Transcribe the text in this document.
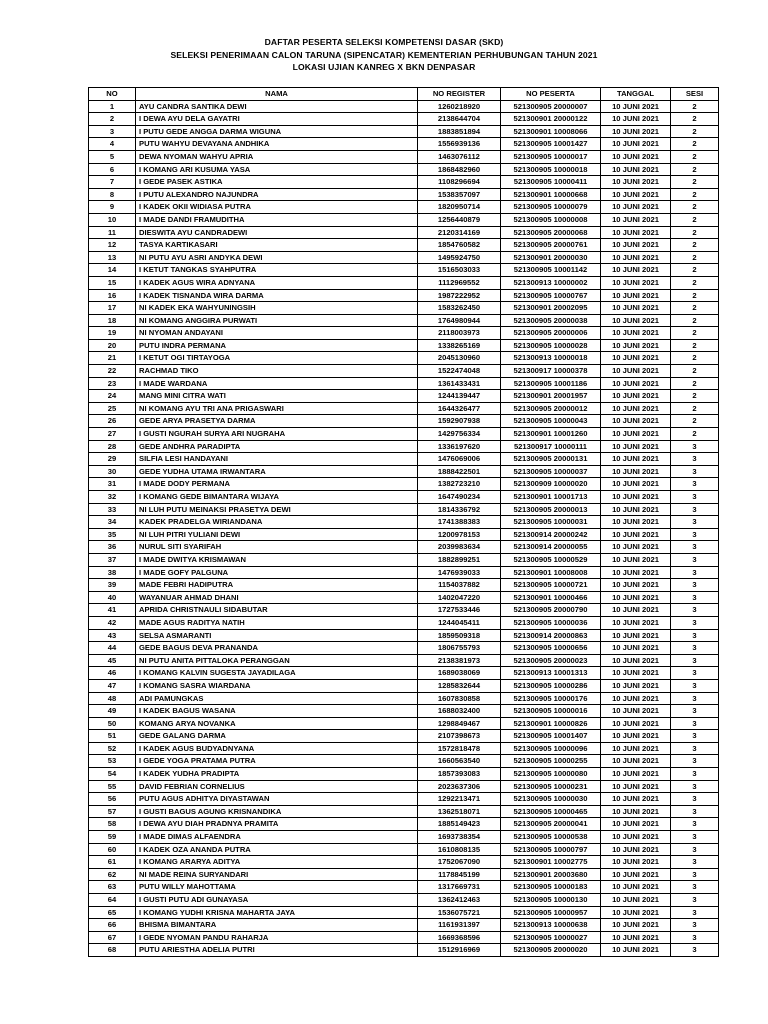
DAFTAR PESERTA SELEKSI KOMPETENSI DASAR (SKD)
SELEKSI PENERIMAAN CALON TARUNA (SIPENCATAR) KEMENTERIAN PERHUBUNGAN TAHUN 2021
LOKASI UJIAN KANREG X BKN DENPASAR
NO	NAMA	NO REGISTER	NO PESERTA	TANGGAL	SESI
1	AYU CANDRA SANTIKA DEWI	1260218920	521300905 20000007	10 JUNI 2021	2
2	I DEWA AYU DELA GAYATRI	2138644704	521300901 20000122	10 JUNI 2021	2
3	I PUTU GEDE ANGGA DARMA WIGUNA	1883851894	521300901 10008066	10 JUNI 2021	2
4	PUTU WAHYU DEVAYANA ANDHIKA	1556939136	521300905 10001427	10 JUNI 2021	2
5	DEWA NYOMAN WAHYU APRIA	1463076112	521300905 10000017	10 JUNI 2021	2
6	I KOMANG ARI KUSUMA YASA	1868482960	521300905 10000018	10 JUNI 2021	2
7	I GEDE PASEK ASTIKA	1108296694	521300905 10000411	10 JUNI 2021	2
8	I PUTU ALEXANDRO NAJUNDRA	1538357097	521300901 10000668	10 JUNI 2021	2
9	I KADEK OKII WIDIASA PUTRA	1820950714	521300905 10000079	10 JUNI 2021	2
10	I MADE DANDI FRAMUDITHA	1256440879	521300905 10000008	10 JUNI 2021	2
11	DIESWITA AYU CANDRADEWI	2120314169	521300905 20000068	10 JUNI 2021	2
12	TASYA KARTIKASARI	1854760582	521300905 20000761	10 JUNI 2021	2
13	NI PUTU AYU ASRI ANDYKA DEWI	1495924750	521300901 20000030	10 JUNI 2021	2
14	I KETUT TANGKAS SYAHPUTRA	1516503033	521300905 10001142	10 JUNI 2021	2
15	I KADEK AGUS WIRA ADNYANA	1112969552	521300913 10000002	10 JUNI 2021	2
16	I KADEK TISNANDA WIRA DARMA	1987222952	521300905 10000767	10 JUNI 2021	2
17	NI KADEK EKA WAHYUNINGSIH	1583262450	521300901 20002095	10 JUNI 2021	2
18	NI KOMANG ANGGIRA PURWATI	1764980944	521300905 20000038	10 JUNI 2021	2
19	NI NYOMAN ANDAYANI	2118003973	521300905 20000006	10 JUNI 2021	2
20	PUTU INDRA PERMANA	1338265169	521300905 10000028	10 JUNI 2021	2
21	I KETUT OGI TIRTAYOGA	2045130960	521300913 10000018	10 JUNI 2021	2
22	RACHMAD TIKO	1522474048	521300917 10000378	10 JUNI 2021	2
23	I MADE WARDANA	1361433431	521300905 10001186	10 JUNI 2021	2
24	MANG MINI CITRA WATI	1244139447	521300901 20001957	10 JUNI 2021	2
25	NI KOMANG AYU TRI ANA PRIGASWARI	1644326477	521300905 20000012	10 JUNI 2021	2
26	GEDE ARYA PRASETYA DARMA	1592907938	521300905 10000043	10 JUNI 2021	2
27	I GUSTI NGURAH SURYA ARI NUGRAHA	1429756334	521300901 10001260	10 JUNI 2021	2
28	GEDE ANDHRA PARADIPTA	1336197620	521300917 10000111	10 JUNI 2021	3
29	SILFIA LESI HANDAYANI	1476069006	521300905 20000131	10 JUNI 2021	3
30	GEDE YUDHA UTAMA IRWANTARA	1888422501	521300905 10000037	10 JUNI 2021	3
31	I MADE DODY PERMANA	1382723210	521300909 10000020	10 JUNI 2021	3
32	I KOMANG GEDE BIMANTARA WIJAYA	1647490234	521300901 10001713	10 JUNI 2021	3
33	NI LUH PUTU MEINAKSI PRASETYA DEWI	1814336792	521300905 20000013	10 JUNI 2021	3
34	KADEK PRADELGA WIRIANDANA	1741388383	521300905 10000031	10 JUNI 2021	3
35	NI LUH PITRI YULIANI DEWI	1200978153	521300914 20000242	10 JUNI 2021	3
36	NURUL SITI SYARIFAH	2039983634	521300914 20000055	10 JUNI 2021	3
37	I MADE DWITYA KRISMAWAN	1882899251	521300905 10000529	10 JUNI 2021	3
38	I MADE GOFY PALGUNA	1476939033	521300901 10008008	10 JUNI 2021	3
39	MADE FEBRI HADIPUTRA	1154037882	521300905 10000721	10 JUNI 2021	3
40	WAYANUAR AHMAD DHANI	1402047220	521300901 10000466	10 JUNI 2021	3
41	APRIDA CHRISTNAULI SIDABUTAR	1727533446	521300905 20000790	10 JUNI 2021	3
42	MADE AGUS RADITYA NATIH	1244045411	521300905 10000036	10 JUNI 2021	3
43	SELSA ASMARANTI	1859509318	521300914 20000863	10 JUNI 2021	3
44	GEDE BAGUS DEVA PRANANDA	1806755793	521300905 10000656	10 JUNI 2021	3
45	NI PUTU ANITA PITTALOKA PERANGGAN	2138381973	521300905 20000023	10 JUNI 2021	3
46	I KOMANG KALVIN SUGESTA JAYADILAGA	1689038069	521300913 10001313	10 JUNI 2021	3
47	I KOMANG SASRA WIARDANA	1285832644	521300905 10000286	10 JUNI 2021	3
48	ADI PAMUNGKAS	1607830858	521300905 10000176	10 JUNI 2021	3
49	I KADEK BAGUS WASANA	1688032400	521300905 10000016	10 JUNI 2021	3
50	KOMANG ARYA NOVANKA	1298849467	521300901 10000826	10 JUNI 2021	3
51	GEDE GALANG DARMA	2107398673	521300905 10001407	10 JUNI 2021	3
52	I KADEK AGUS BUDYADNYANA	1572818478	521300905 10000096	10 JUNI 2021	3
53	I GEDE YOGA PRATAMA PUTRA	1660563540	521300905 10000255	10 JUNI 2021	3
54	I KADEK YUDHA PRADIPTA	1857393083	521300905 10000080	10 JUNI 2021	3
55	DAVID FEBRIAN CORNELIUS	2023637306	521300905 10000231	10 JUNI 2021	3
56	PUTU AGUS ADHITYA DIYASTAWAN	1292213471	521300905 10000030	10 JUNI 2021	3
57	I GUSTI BAGUS AGUNG KRISNANDIKA	1362518071	521300905 10000465	10 JUNI 2021	3
58	I DEWA AYU DIAH PRADNYA PRAMITA	1885149423	521300905 20000041	10 JUNI 2021	3
59	I MADE DIMAS ALFAENDRA	1693738354	521300905 10000538	10 JUNI 2021	3
60	I KADEK OZA ANANDA PUTRA	1610808135	521300905 10000797	10 JUNI 2021	3
61	I KOMANG ARARYA ADITYA	1752067090	521300901 10002775	10 JUNI 2021	3
62	NI MADE REINA SURYANDARI	1178845199	521300901 20003680	10 JUNI 2021	3
63	PUTU WILLY MAHOTTAMA	1317669731	521300905 10000183	10 JUNI 2021	3
64	I GUSTI PUTU ADI GUNAYASA	1362412463	521300905 10000130	10 JUNI 2021	3
65	I KOMANG YUDHI KRISNA MAHARTA JAYA	1536075721	521300905 10000957	10 JUNI 2021	3
66	BHISMA BIMANTARA	1161931397	521300913 10000638	10 JUNI 2021	3
67	I GEDE NYOMAN PANDU RAHARJA	1669368596	521300905 10000027	10 JUNI 2021	3
68	PUTU ARIESTHA ADELIA PUTRI	1512916969	521300905 20000020	10 JUNI 2021	3
